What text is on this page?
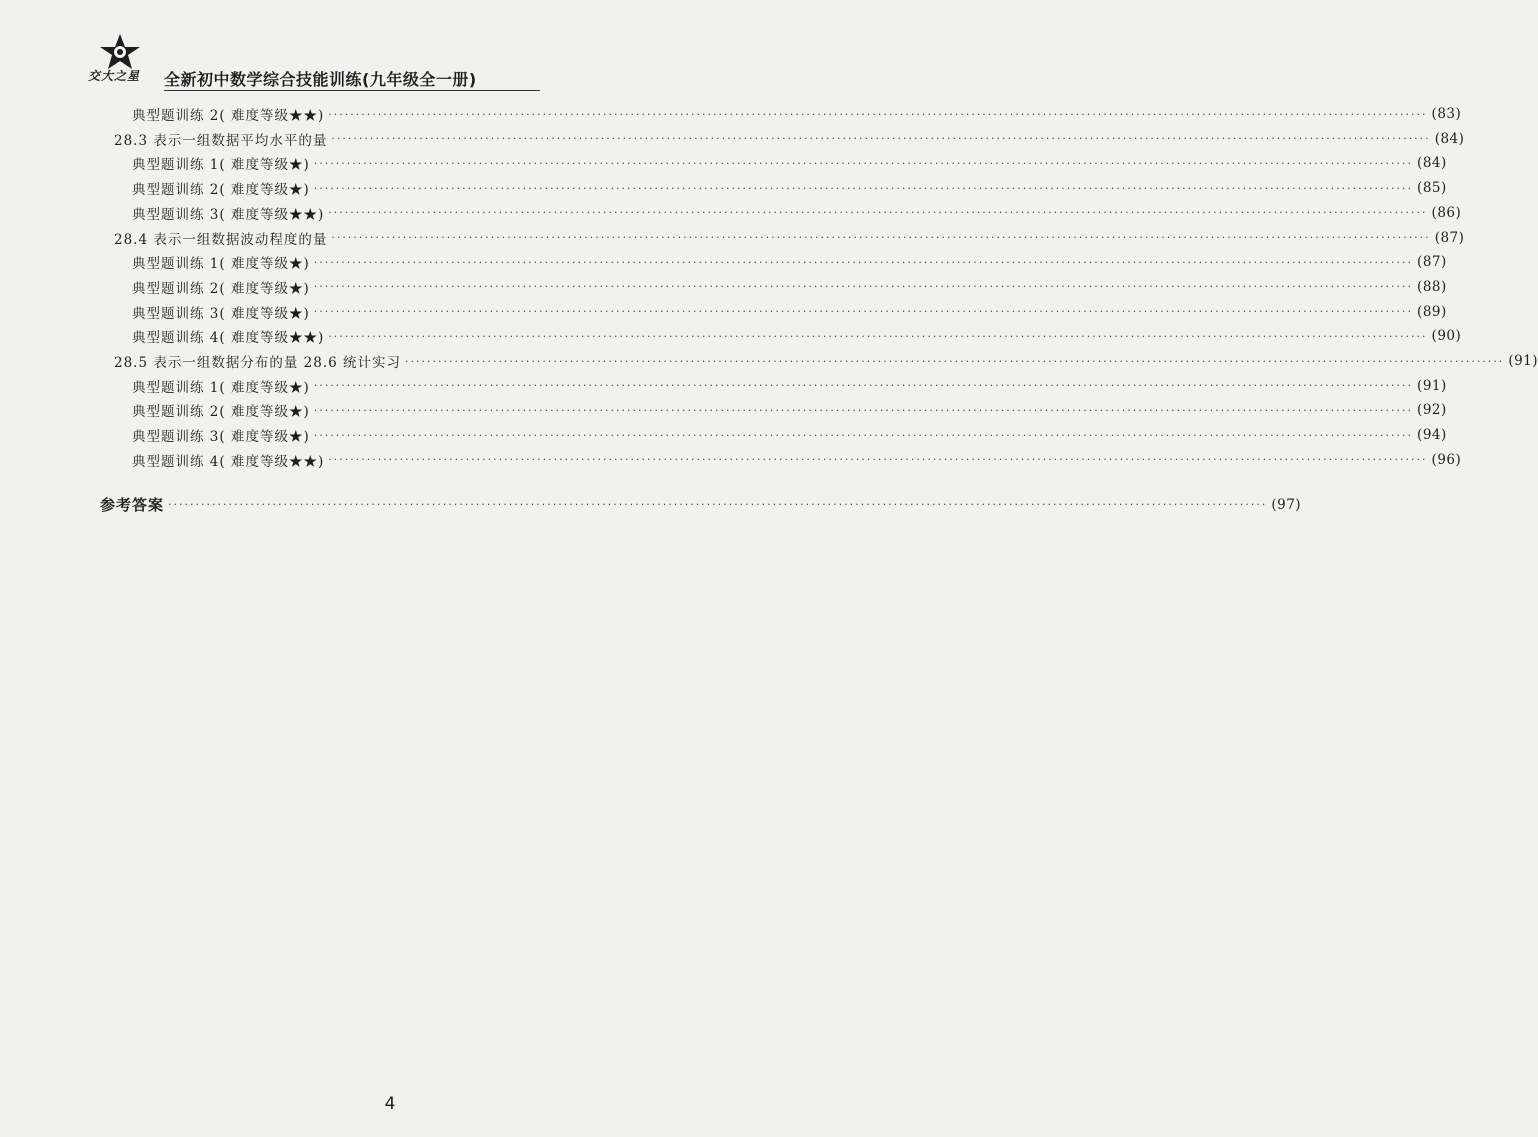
交大之星 全新初中数学综合技能训练(九年级全一册)
典型题训练 2( 难度等级★★) ········································································································································································································ (83)
28.3 表示一组数据平均水平的量 ········································································································································································································ (84)
典型题训练 1( 难度等级★) ········································································································································································································ (84)
典型题训练 2( 难度等级★) ········································································································································································································ (85)
典型题训练 3( 难度等级★★) ········································································································································································································ (86)
28.4 表示一组数据波动程度的量 ········································································································································································································ (87)
典型题训练 1( 难度等级★) ········································································································································································································ (87)
典型题训练 2( 难度等级★) ········································································································································································································ (88)
典型题训练 3( 难度等级★) ········································································································································································································ (89)
典型题训练 4( 难度等级★★) ········································································································································································································ (90)
28.5 表示一组数据分布的量 28.6 统计实习 ········································································································································································································ (91)
典型题训练 1( 难度等级★) ········································································································································································································ (91)
典型题训练 2( 难度等级★) ········································································································································································································ (92)
典型题训练 3( 难度等级★) ········································································································································································································ (94)
典型题训练 4( 难度等级★★) ········································································································································································································ (96)
参考答案 ········································································································································································································ (97)
4
